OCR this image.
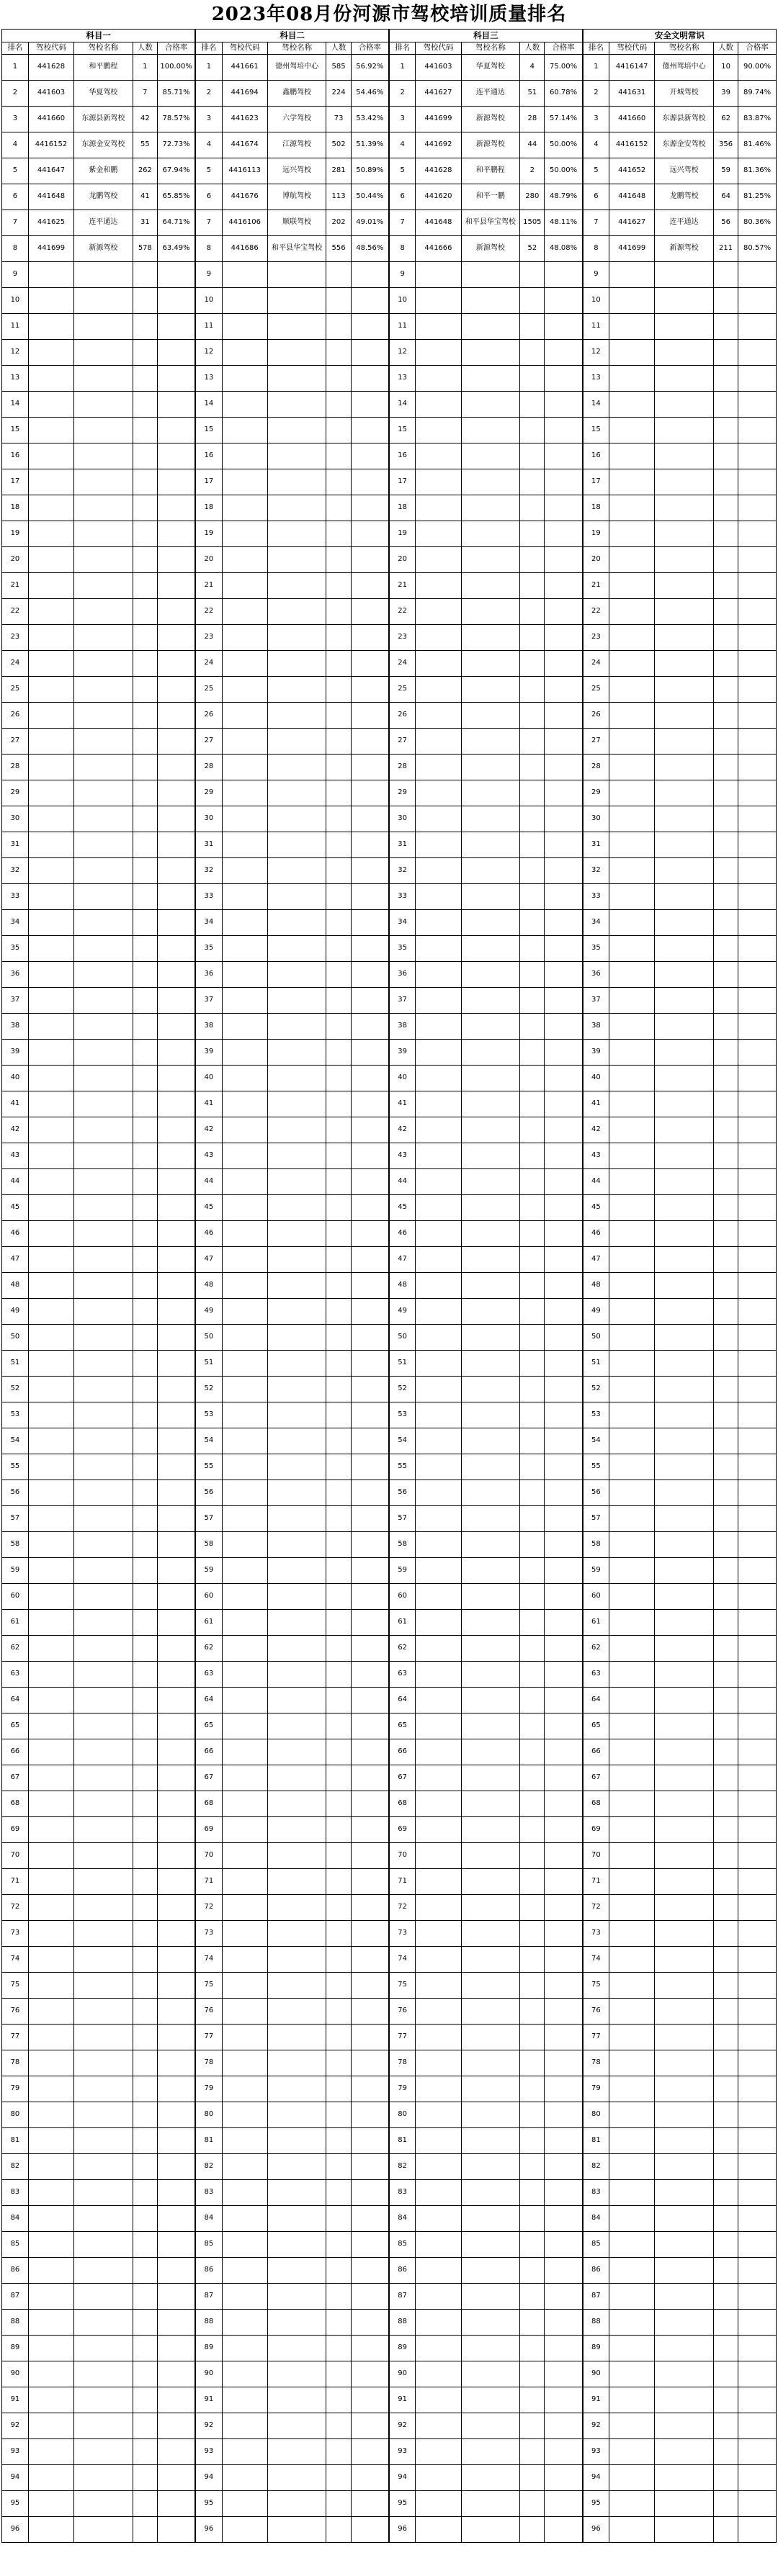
2023年08月份河源市驾校培训质量排名
科目一					科目二					科目三					安全文明常识				
排名	驾校代码	驾校名称	人数	合格率	排名	驾校代码	驾校名称	人数	合格率	排名	驾校代码	驾校名称	人数	合格率	排名	驾校代码	驾校名称	人数	合格率
1	441628	和平鹏程	1	100.00%	1	441661	德州驾培中心	585	56.92%	1	441603	华夏驾校	4	75.00%	1	4416147	德州驾培中心	10	90.00%
2	441603	华夏驾校	7	85.71%	2	441694	鑫鹏驾校	224	54.46%	2	441627	连平通达	51	60.78%	2	441631	开城驾校	39	89.74%
3	441660	东源县新驾校	42	78.57%	3	441623	六学驾校	73	53.42%	3	441699	新源驾校	28	57.14%	3	441660	东源县新驾校	62	83.87%
4	4416152	东源金安驾校	55	72.73%	4	441674	江源驾校	502	51.39%	4	441692	新源驾校	44	50.00%	4	4416152	东源金安驾校	356	81.46%
5	441647	紫金和鹏	262	67.94%	5	4416113	远兴驾校	281	50.89%	5	441628	和平鹏程	2	50.00%	5	441652	远兴驾校	59	81.36%
6	441648	龙鹏驾校	41	65.85%	6	441676	博航驾校	113	50.44%	6	441620	和平一鹏	280	48.79%	6	441648	龙鹏驾校	64	81.25%
7	441625	连平通达	31	64.71%	7	4416106	顺联驾校	202	49.01%	7	441648	和平县华宝驾校	1505	48.11%	7	441627	连平通达	56	80.36%
8	441699	新源驾校	578	63.49%	8	441686	和平县华宝驾校	556	48.56%	8	441666	新源驾校	52	48.08%	8	441699	新源驾校	211	80.57%
9					9					9					9				
10					10					10					10				
11					11					11					11				
12					12					12					12				
13					13					13					13				
14					14					14					14				
15					15					15					15				
16					16					16					16				
17					17					17					17				
18					18					18					18				
19					19					19					19				
20					20					20					20				
21					21					21					21				
22					22					22					22				
23					23					23					23				
24					24					24					24				
25					25					25					25				
26					26					26					26				
27					27					27					27				
28					28					28					28				
29					29					29					29				
30					30					30					30				
31					31					31					31				
32					32					32					32				
33					33					33					33				
34					34					34					34				
35					35					35					35				
36					36					36					36				
37					37					37					37				
38					38					38					38				
39					39					39					39				
40					40					40					40				
41					41					41					41				
42					42					42					42				
43					43					43					43				
44					44					44					44				
45					45					45					45				
46					46					46					46				
47					47					47					47				
48					48					48					48				
49					49					49					49				
50					50					50					50				
51					51					51					51				
52					52					52					52				
53					53					53					53				
54					54					54					54				
55					55					55					55				
56					56					56					56				
57					57					57					57				
58					58					58					58				
59					59					59					59				
60					60					60					60				
61					61					61					61				
62					62					62					62				
63					63					63					63				
64					64					64					64				
65					65					65					65				
66					66					66					66				
67					67					67					67				
68					68					68					68				
69					69					69					69				
70					70					70					70				
71					71					71					71				
72					72					72					72				
73					73					73					73				
74					74					74					74				
75					75					75					75				
76					76					76					76				
77					77					77					77				
78					78					78					78				
79					79					79					79				
80					80					80					80				
81					81					81					81				
82					82					82					82				
83					83					83					83				
84					84					84					84				
85					85					85					85				
86					86					86					86				
87					87					87					87				
88					88					88					88				
89					89					89					89				
90					90					90					90				
91					91					91					91				
92					92					92					92				
93					93					93					93				
94					94					94					94				
95					95					95					95				
96					96					96					96				
